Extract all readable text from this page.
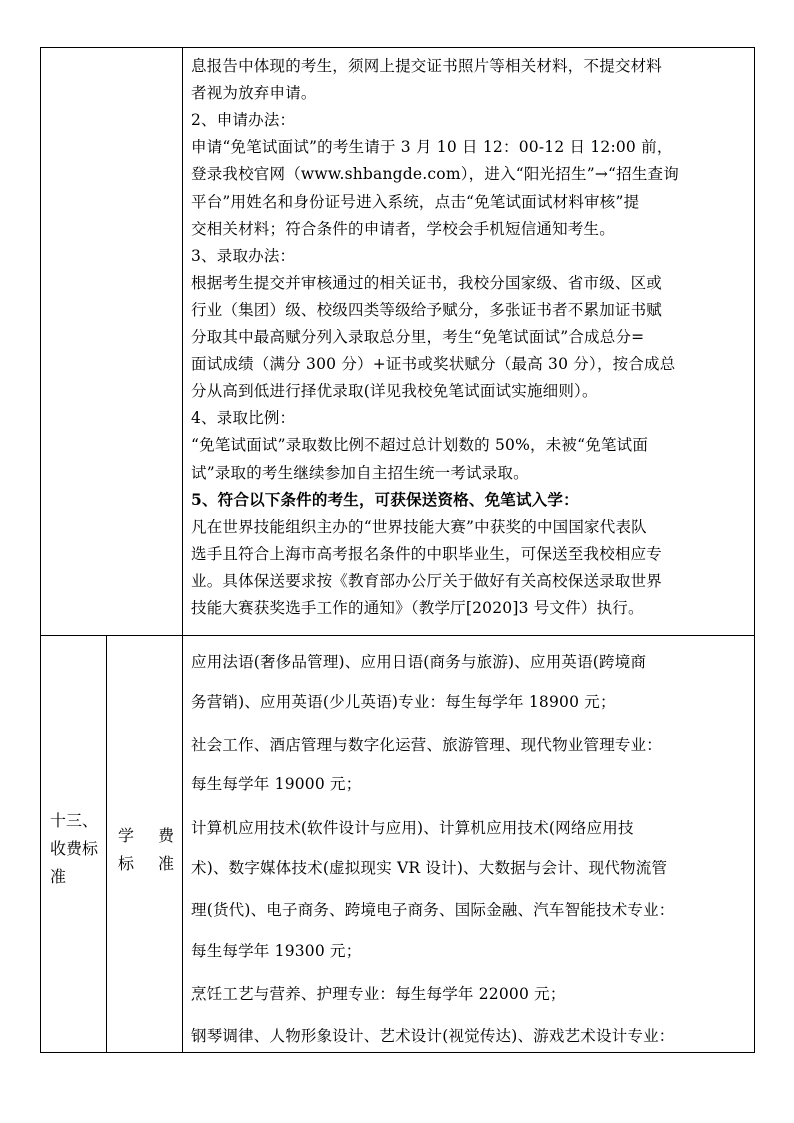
息报告中体现的考生，须网上提交证书照片等相关材料，不提交材料
者视为放弃申请。
2、申请办法：
申请“免笔试面试”的考生请于 3 月 10 日 12：00-12 日 12:00 前，
登录我校官网（www.shbangde.com），进入“阳光招生”→“招生查询
平台”用姓名和身份证号进入系统，点击“免笔试面试材料审核”提
交相关材料；符合条件的申请者，学校会手机短信通知考生。
3、录取办法：
根据考生提交并审核通过的相关证书，我校分国家级、省市级、区或
行业（集团）级、校级四类等级给予赋分，多张证书者不累加证书赋
分取其中最高赋分列入录取总分里，考生“免笔试面试”合成总分=
面试成绩（满分 300 分）+证书或奖状赋分（最高 30 分），按合成总
分从高到低进行择优录取(详见我校免笔试面试实施细则）。
4、录取比例：
“免笔试面试”录取数比例不超过总计划数的 50%，未被“免笔试面
试”录取的考生继续参加自主招生统一考试录取。
5、符合以下条件的考生，可获保送资格、免笔试入学：
凡在世界技能组织主办的“世界技能大赛”中获奖的中国国家代表队
选手且符合上海市高考报名条件的中职毕业生，可保送至我校相应专
业。具体保送要求按《教育部办公厅关于做好有关高校保送录取世界
技能大赛获奖选手工作的通知》（教学厅[2020]3 号文件）执行。
十三、
收费标
准
学 费
标 准
应用法语(奢侈品管理)、应用日语(商务与旅游)、应用英语(跨境商
务营销)、应用英语(少儿英语)专业：每生每学年 18900 元；
社会工作、酒店管理与数字化运营、旅游管理、现代物业管理专业：
每生每学年 19000 元；
计算机应用技术(软件设计与应用)、计算机应用技术(网络应用技
术)、数字媒体技术(虚拟现实 VR 设计)、大数据与会计、现代物流管
理(货代)、电子商务、跨境电子商务、国际金融、汽车智能技术专业：
每生每学年 19300 元；
烹饪工艺与营养、护理专业：每生每学年 22000 元；
钢琴调律、人物形象设计、艺术设计(视觉传达)、游戏艺术设计专业：
